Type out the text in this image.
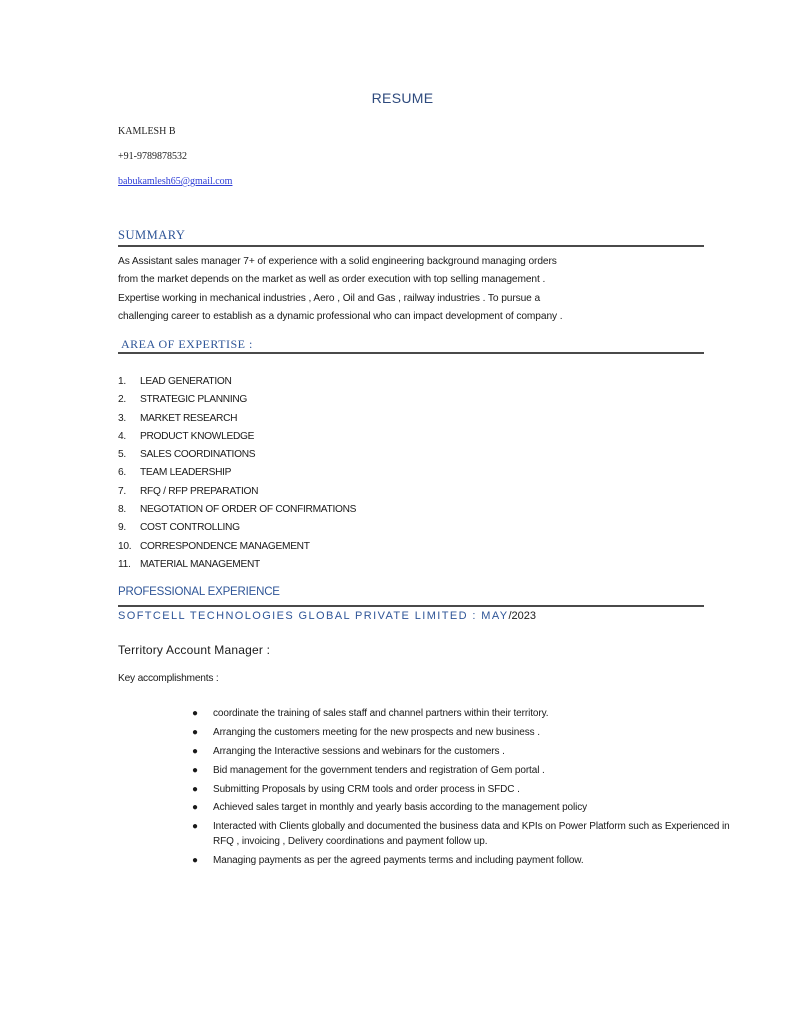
RESUME
KAMLESH B
+91-9789878532
babukamlesh65@gmail.com
SUMMARY
As Assistant sales manager 7+ of experience with a solid engineering background managing orders
from the market depends on the market as well as order execution with top selling management .
Expertise working in mechanical industries , Aero , Oil and Gas , railway industries . To pursue a
challenging career to establish as a dynamic professional who can impact development of company .
AREA OF EXPERTISE :
1. LEAD GENERATION
2. STRATEGIC PLANNING
3. MARKET RESEARCH
4. PRODUCT KNOWLEDGE
5. SALES COORDINATIONS
6. TEAM LEADERSHIP
7. RFQ / RFP PREPARATION
8. NEGOTATION OF ORDER OF CONFIRMATIONS
9. COST CONTROLLING
10. CORRESPONDENCE MANAGEMENT
11. MATERIAL MANAGEMENT
PROFESSIONAL EXPERIENCE
SOFTCELL TECHNOLOGIES GLOBAL PRIVATE LIMITED : MAY/2023
Territory Account Manager :
Key accomplishments :
● coordinate the training of sales staff and channel partners within their territory.
● Arranging the customers meeting for the new prospects and new business .
● Arranging the Interactive sessions and webinars for the customers .
● Bid management for the government tenders and registration of Gem portal .
● Submitting Proposals by using CRM tools and order process in SFDC .
● Achieved sales target in monthly and yearly basis according to the management policy
● Interacted with Clients globally and documented the business data and KPIs on Power Platform such as Experienced in RFQ , invoicing , Delivery coordinations and payment follow up.
● Managing payments as per the agreed payments terms and including payment follow.
